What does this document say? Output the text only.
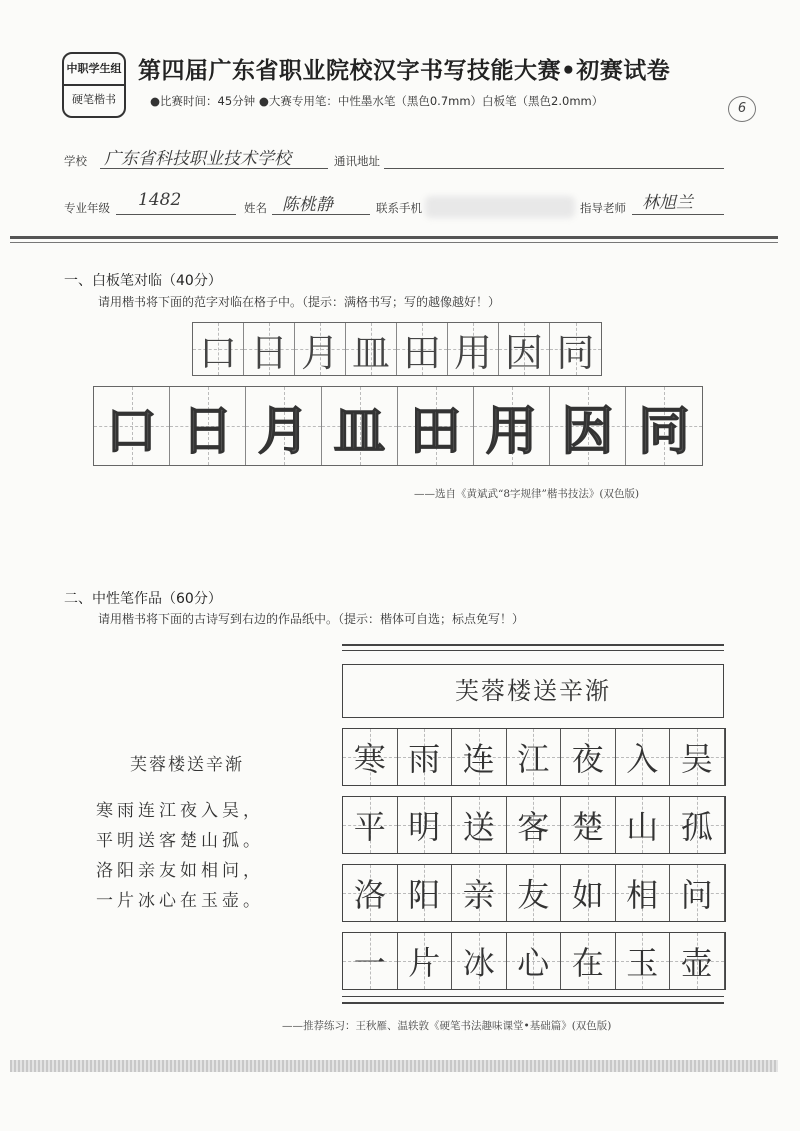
中职学生组
硬笔楷书
第四届广东省职业院校汉字书写技能大赛•初赛试卷
●比赛时间：45分钟 ●大赛专用笔：中性墨水笔（黑色0.7mm）白板笔（黑色2.0mm）	6
学校 广东省科技职业技术学校	通讯地址
专业年级 1482	姓名 陈桃静	联系手机	指导老师 林旭兰
一、白板笔对临（40分）
请用楷书将下面的范字对临在格子中。（提示：满格书写；写的越像越好！）
口 日 月 皿 田 用 因 同
口 日 月 皿 田 用 因 同
——选自《黄斌武“8字规律”楷书技法》(双色版)
二、中性笔作品（60分）
请用楷书将下面的古诗写到右边的作品纸中。（提示：楷体可自选；标点免写！）
芙蓉楼送辛渐
寒雨连江夜入吴，
平明送客楚山孤。
洛阳亲友如相问，
一片冰心在玉壶。
芙蓉楼送辛渐
寒 雨 连 江 夜 入 吴
平 明 送 客 楚 山 孤
洛 阳 亲 友 如 相 问
一 片 冰 心 在 玉 壶
——推荐练习：王秋雁、温轶敦《硬笔书法趣味课堂•基础篇》(双色版)
